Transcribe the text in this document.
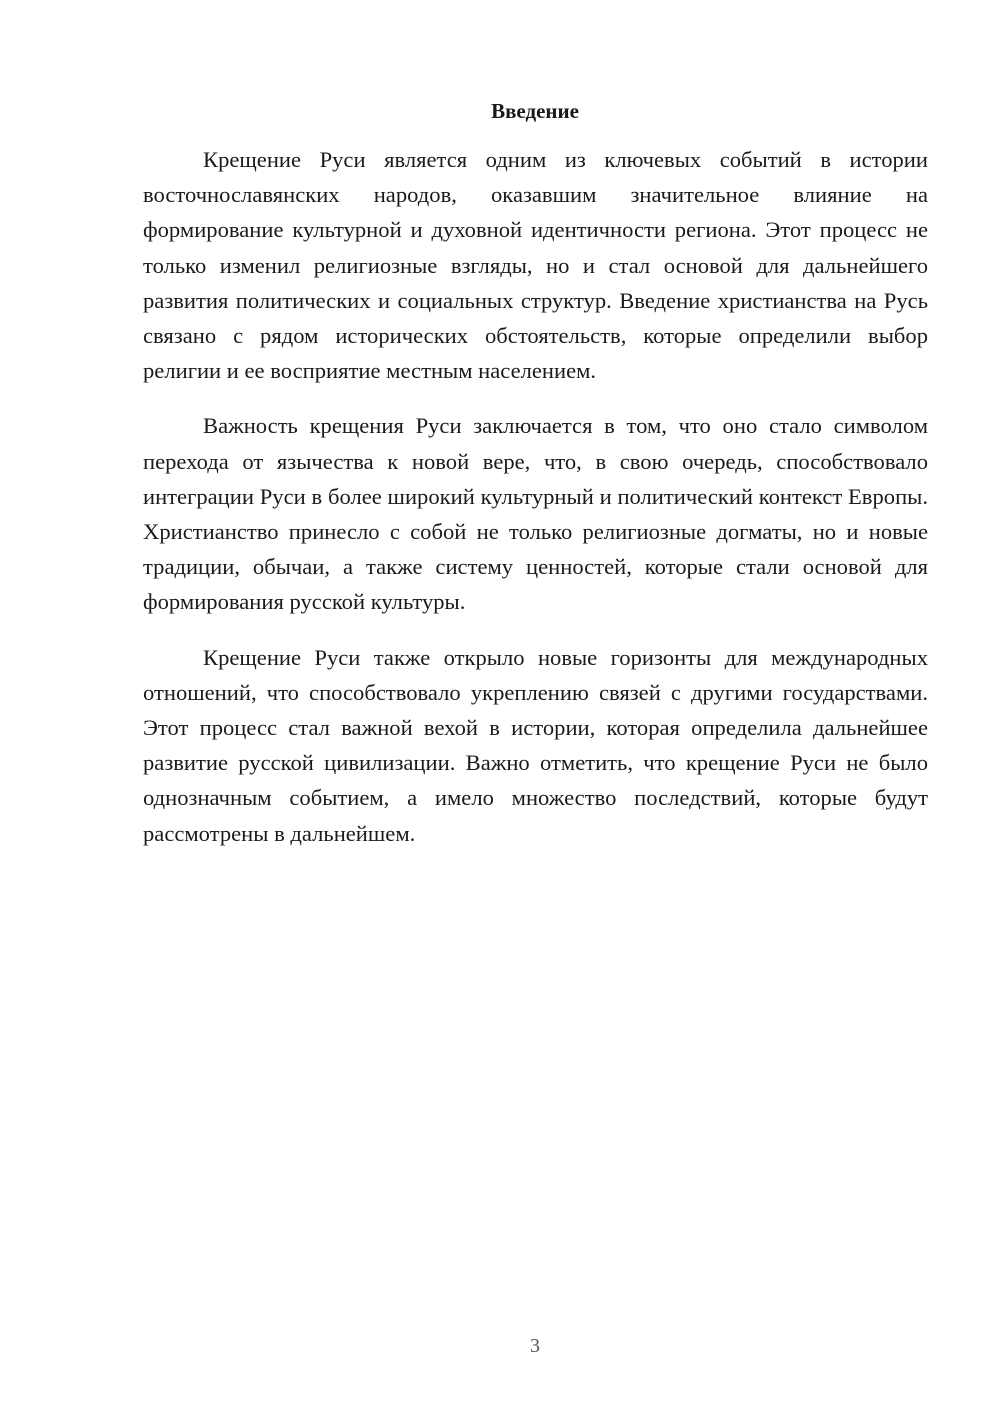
Введение

Крещение Руси является одним из ключевых событий в истории восточнославянских народов, оказавшим значительное влияние на формирование культурной и духовной идентичности региона. Этот процесс не только изменил религиозные взгляды, но и стал основой для дальнейшего развития политических и социальных структур. Введение христианства на Русь связано с рядом исторических обстоятельств, которые определили выбор религии и ее восприятие местным населением.

Важность крещения Руси заключается в том, что оно стало символом перехода от язычества к новой вере, что, в свою очередь, способствовало интеграции Руси в более широкий культурный и политический контекст Европы. Христианство принесло с собой не только религиозные догматы, но и новые традиции, обычаи, а также систему ценностей, которые стали основой для формирования русской культуры.

Крещение Руси также открыло новые горизонты для международных отношений, что способствовало укреплению связей с другими государствами. Этот процесс стал важной вехой в истории, которая определила дальнейшее развитие русской цивилизации. Важно отметить, что крещение Руси не было однозначным событием, а имело множество последствий, которые будут рассмотрены в дальнейшем.

3
